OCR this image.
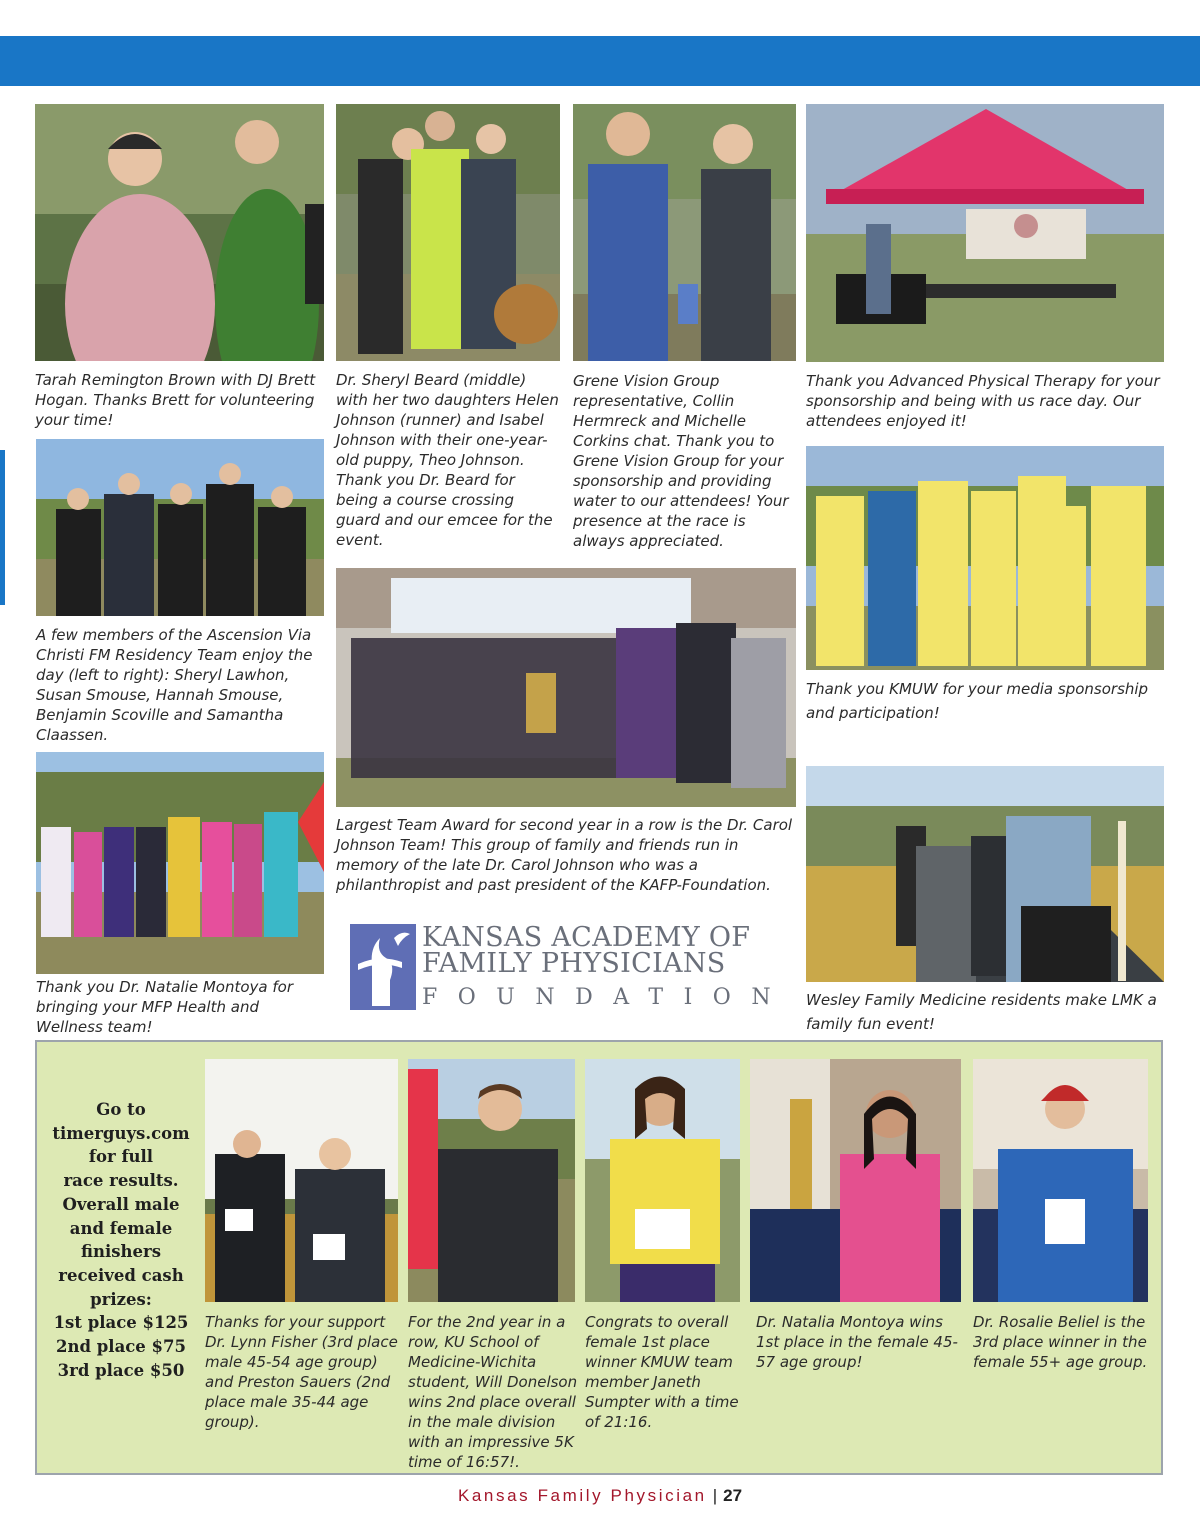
Tarah Remington Brown with DJ Brett Hogan. Thanks Brett for volunteering your time!

Dr. Sheryl Beard (middle) with her two daughters Helen Johnson (runner) and Isabel Johnson with their one-year-old puppy, Theo Johnson. Thank you Dr. Beard for being a course crossing guard and our emcee for the event.

Grene Vision Group representative, Collin Hermreck and Michelle Corkins chat. Thank you to Grene Vision Group for your sponsorship and providing water to our attendees! Your presence at the race is always appreciated.

Thank you Advanced Physical Therapy for your sponsorship and being with us race day. Our attendees enjoyed it!

A few members of the Ascension Via Christi FM Residency Team enjoy the day (left to right): Sheryl Lawhon, Susan Smouse, Hannah Smouse, Benjamin Scoville and Samantha Claassen.

Thank you KMUW for your media sponsorship and participation!

Largest Team Award for second year in a row is the Dr. Carol Johnson Team! This group of family and friends run in memory of the late Dr. Carol Johnson who was a philanthropist and past president of the KAFP-Foundation.

Thank you Dr. Natalie Montoya for bringing your MFP Health and Wellness team!

Wesley Family Medicine residents make LMK a family fun event!

KANSAS ACADEMY OF
FAMILY PHYSICIANS
FOUNDATION
Go to
timerguys.com
for full
race results.
Overall male
and female
finishers
received cash
prizes:
1st place $125
2nd place $75
3rd place $50

Thanks for your support Dr. Lynn Fisher (3rd place male 45-54 age group) and Preston Sauers (2nd place male 35-44 age group).

For the 2nd year in a row, KU School of Medicine-Wichita student, Will Donelson wins 2nd place overall in the male division with an impressive 5K time of 16:57!.

Congrats to overall female 1st place winner KMUW team member Janeth Sumpter with a time of 21:16.

Dr. Natalia Montoya wins 1st place in the female 45-57 age group!

Dr. Rosalie Beliel is the 3rd place winner in the female 55+ age group.

Kansas Family Physician | 27
